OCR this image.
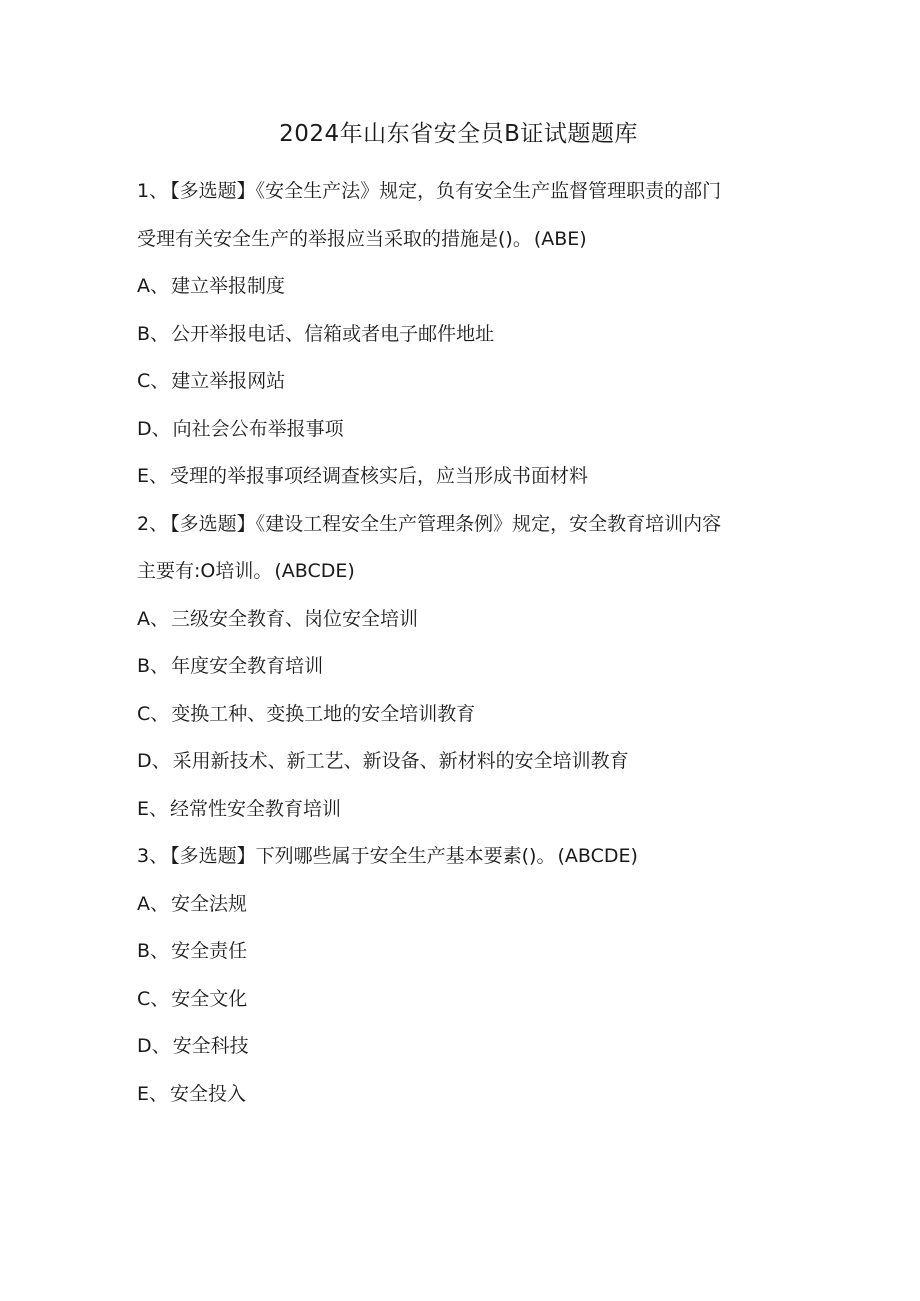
2024年山东省安全员B证试题题库

1、 【多选题】《安全生产法》规定，负有安全生产监督管理职责的部门

受理有关安全生产的举报应当采取的措施是()。 (ABE)

A、 建立举报制度

B、 公开举报电话、信箱或者电子邮件地址

C、 建立举报网站

D、 向社会公布举报事项

E、 受理的举报事项经调查核实后，应当形成书面材料

2、 【多选题】《建设工程安全生产管理条例》规定，安全教育培训内容

主要有:O培训。 (ABCDE)

A、 三级安全教育、岗位安全培训

B、 年度安全教育培训

C、 变换工种、变换工地的安全培训教育

D、 采用新技术、新工艺、新设备、新材料的安全培训教育

E、 经常性安全教育培训

3、 【多选题】下列哪些属于安全生产基本要素()。 (ABCDE)

A、 安全法规

B、 安全责任

C、 安全文化

D、 安全科技

E、 安全投入
